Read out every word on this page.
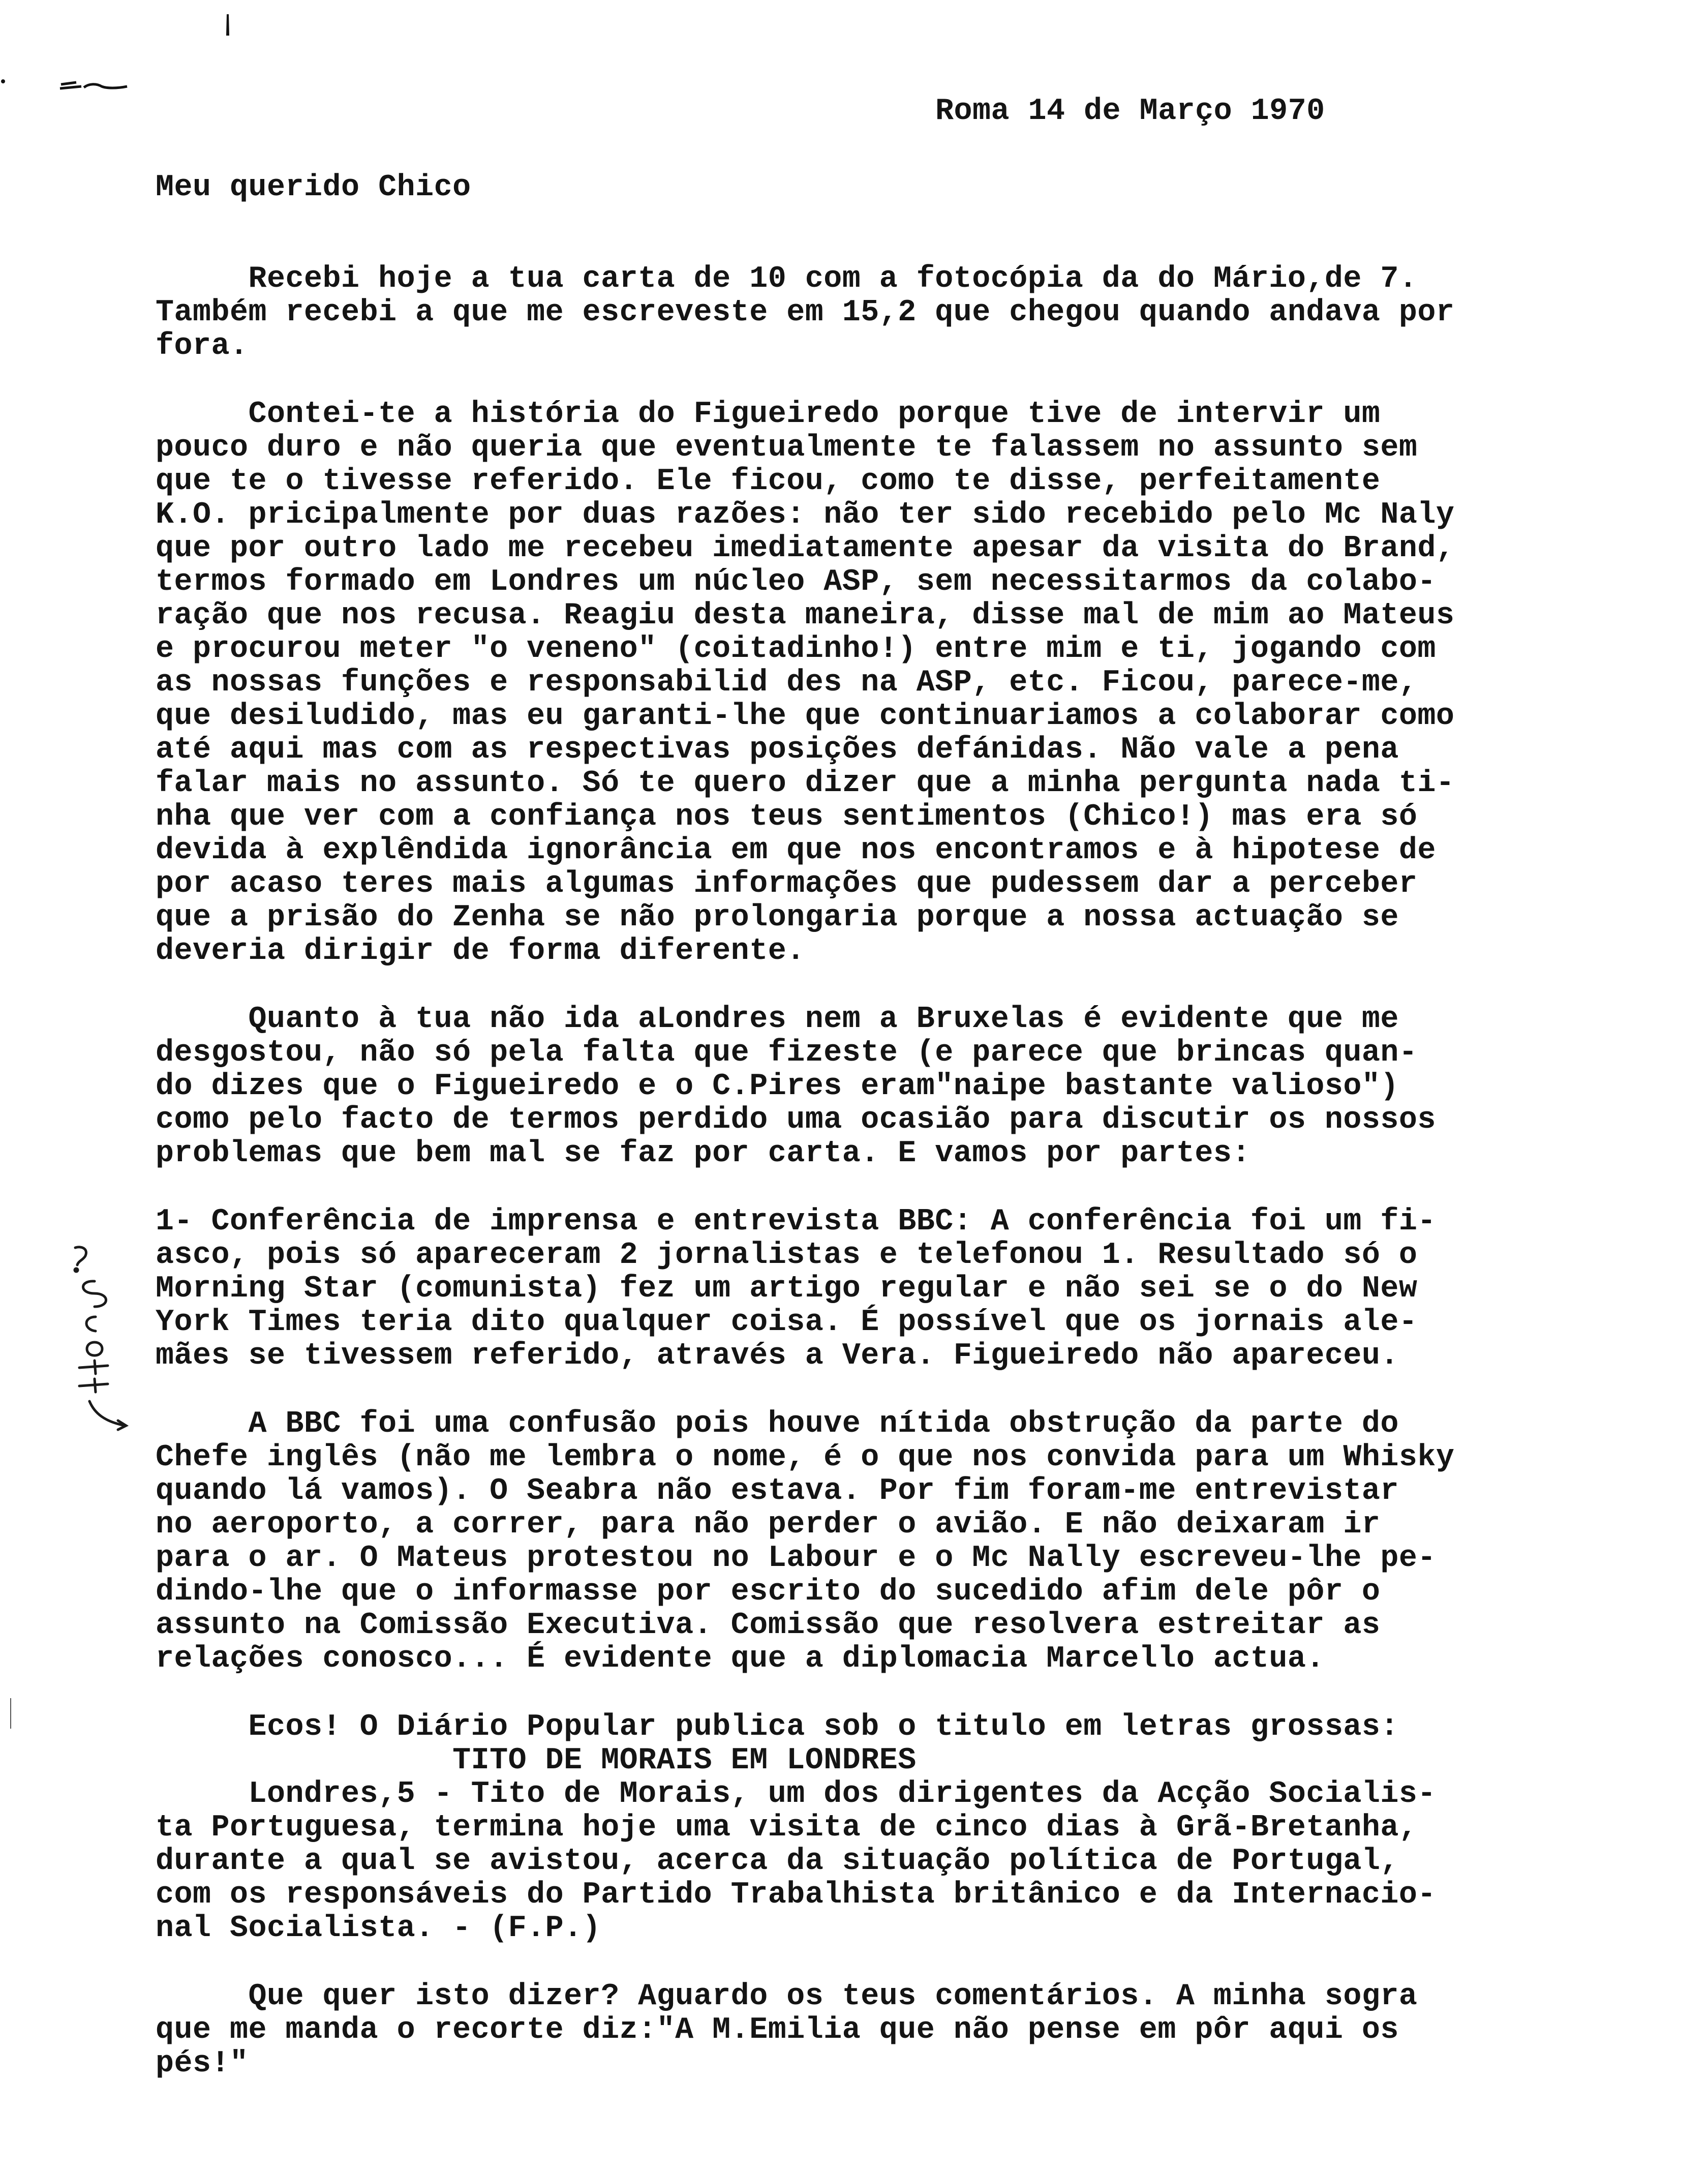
Roma 14 de Março 1970
Meu querido Chico
Recebi hoje a tua carta de 10 com a fotocópia da do Mário,de 7.
Também recebi a que me escreveste em 15,2 que chegou quando andava por
fora.
Contei-te a história do Figueiredo porque tive de intervir um
pouco duro e não queria que eventualmente te falassem no assunto sem
que te o tivesse referido. Ele ficou, como te disse, perfeitamente
K.O. pricipalmente por duas razões: não ter sido recebido pelo Mc Naly
que por outro lado me recebeu imediatamente apesar da visita do Brand,
termos formado em Londres um núcleo ASP, sem necessitarmos da colabo-
ração que nos recusa. Reagiu desta maneira, disse mal de mim ao Mateus
e procurou meter "o veneno" (coitadinho!) entre mim e ti, jogando com
as nossas funções e responsabilid des na ASP, etc. Ficou, parece-me,
que desiludido, mas eu garanti-lhe que continuariamos a colaborar como
até aqui mas com as respectivas posições defánidas. Não vale a pena
falar mais no assunto. Só te quero dizer que a minha pergunta nada ti-
nha que ver com a confiança nos teus sentimentos (Chico!) mas era só
devida à explêndida ignorância em que nos encontramos e à hipotese de
por acaso teres mais algumas informações que pudessem dar a perceber
que a prisão do Zenha se não prolongaria porque a nossa actuação se
deveria dirigir de forma diferente.
Quanto à tua não ida aLondres nem a Bruxelas é evidente que me
desgostou, não só pela falta que fizeste (e parece que brincas quan-
do dizes que o Figueiredo e o C.Pires eram"naipe bastante valioso")
como pelo facto de termos perdido uma ocasião para discutir os nossos
problemas que bem mal se faz por carta. E vamos por partes:
1- Conferência de imprensa e entrevista BBC: A conferência foi um fi-
asco, pois só apareceram 2 jornalistas e telefonou 1. Resultado só o
Morning Star (comunista) fez um artigo regular e não sei se o do New
York Times teria dito qualquer coisa. É possível que os jornais ale-
mães se tivessem referido, através a Vera. Figueiredo não apareceu.
A BBC foi uma confusão pois houve nítida obstrução da parte do
Chefe inglês (não me lembra o nome, é o que nos convida para um Whisky
quando lá vamos). O Seabra não estava. Por fim foram-me entrevistar
no aeroporto, a correr, para não perder o avião. E não deixaram ir
para o ar. O Mateus protestou no Labour e o Mc Nally escreveu-lhe pe-
dindo-lhe que o informasse por escrito do sucedido afim dele pôr o
assunto na Comissão Executiva. Comissão que resolvera estreitar as
relações conosco... É evidente que a diplomacia Marcello actua.
Ecos! O Diário Popular publica sob o titulo em letras grossas:
TITO DE MORAIS EM LONDRES
Londres,5 - Tito de Morais, um dos dirigentes da Acção Socialis-
ta Portuguesa, termina hoje uma visita de cinco dias à Grã-Bretanha,
durante a qual se avistou, acerca da situação política de Portugal,
com os responsáveis do Partido Trabalhista britânico e da Internacio-
nal Socialista. - (F.P.)
Que quer isto dizer? Aguardo os teus comentários. A minha sogra
que me manda o recorte diz:"A M.Emilia que não pense em pôr aqui os
pés!"
